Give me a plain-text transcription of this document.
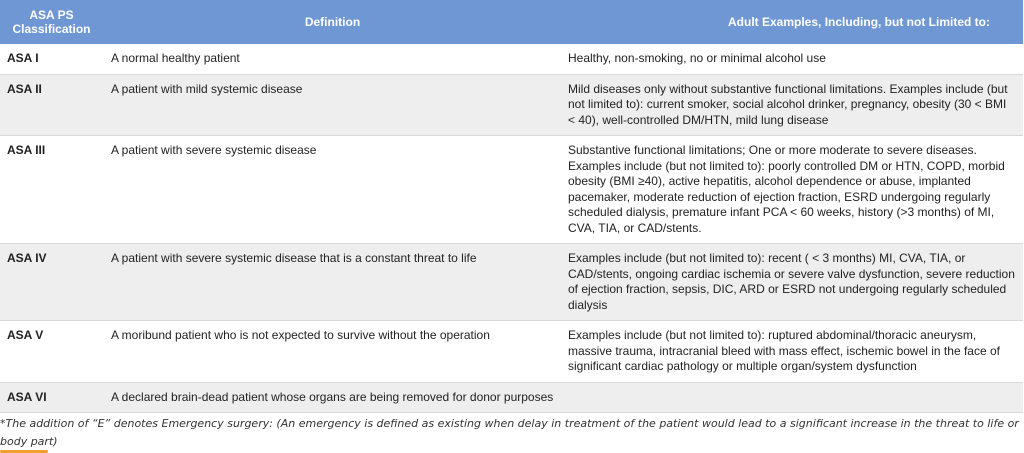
ASA PS Classification	Definition	Adult Examples, Including, but not Limited to:
ASA I	A normal healthy patient	Healthy, non-smoking, no or minimal alcohol use
ASA II	A patient with mild systemic disease	Mild diseases only without substantive functional limitations. Examples include (but not limited to): current smoker, social alcohol drinker, pregnancy, obesity (30 < BMI < 40), well-controlled DM/HTN, mild lung disease
ASA III	A patient with severe systemic disease	Substantive functional limitations; One or more moderate to severe diseases. Examples include (but not limited to): poorly controlled DM or HTN, COPD, morbid obesity (BMI ≥40), active hepatitis, alcohol dependence or abuse, implanted pacemaker, moderate reduction of ejection fraction, ESRD undergoing regularly scheduled dialysis, premature infant PCA < 60 weeks, history (>3 months) of MI, CVA, TIA, or CAD/stents.
ASA IV	A patient with severe systemic disease that is a constant threat to life	Examples include (but not limited to): recent ( < 3 months) MI, CVA, TIA, or CAD/stents, ongoing cardiac ischemia or severe valve dysfunction, severe reduction of ejection fraction, sepsis, DIC, ARD or ESRD not undergoing regularly scheduled dialysis
ASA V	A moribund patient who is not expected to survive without the operation	Examples include (but not limited to): ruptured abdominal/thoracic aneurysm, massive trauma, intracranial bleed with mass effect, ischemic bowel in the face of significant cardiac pathology or multiple organ/system dysfunction
ASA VI	A declared brain-dead patient whose organs are being removed for donor purposes	
*The addition of “E” denotes Emergency surgery: (An emergency is defined as existing when delay in treatment of the patient would lead to a significant increase in the threat to life or body part)
